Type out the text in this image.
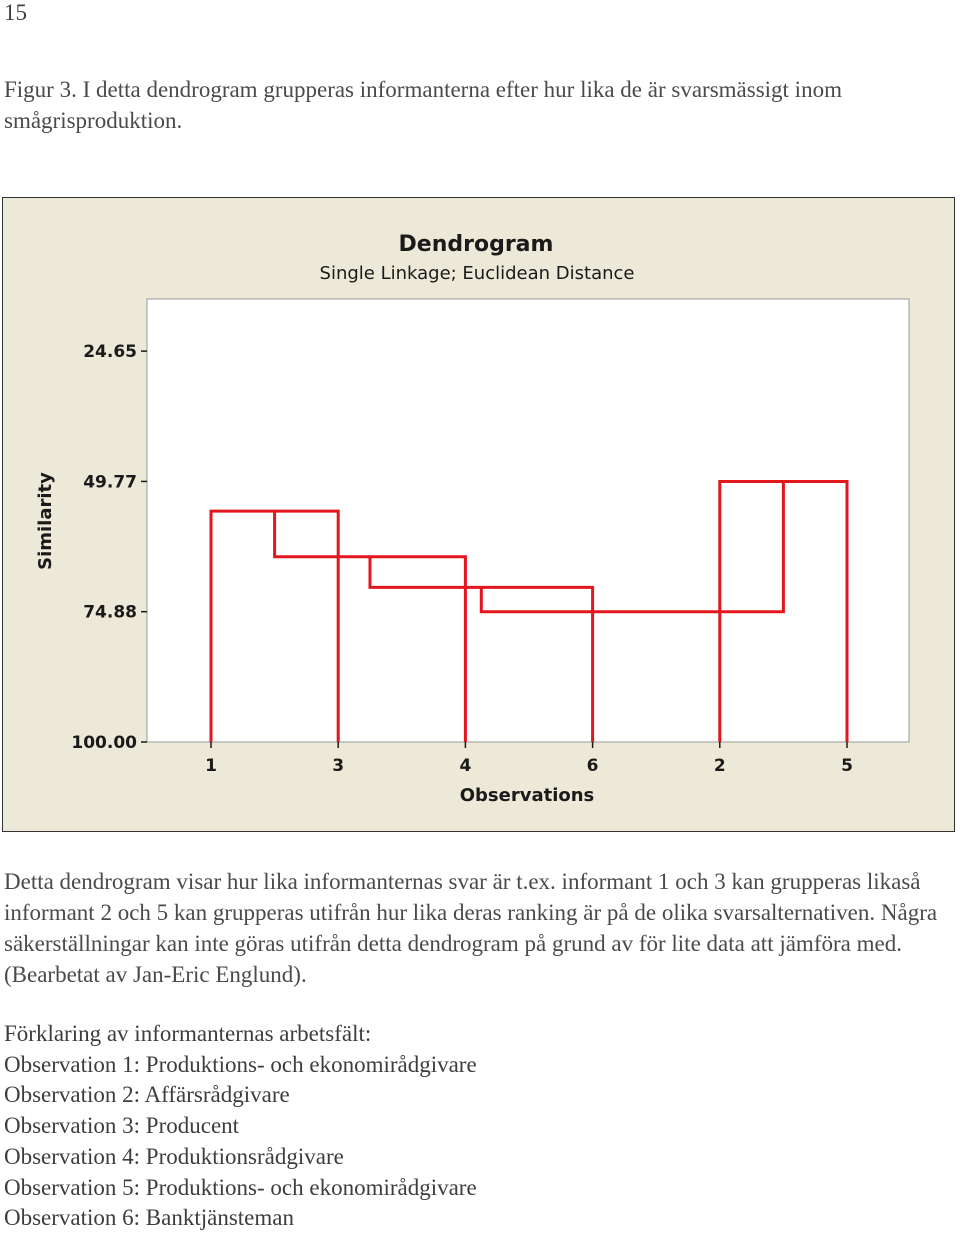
15
Figur 3. I detta dendrogram grupperas informanterna efter hur lika de är svarsmässigt inom smågrisproduktion.
Dendrogram
Single Linkage; Euclidean Distance
24.65
49.77
74.88
100.00
1	3	4	6	2	5
Similarity
Observations
Detta dendrogram visar hur lika informanternas svar är t.ex. informant 1 och 3 kan grupperas likaså informant 2 och 5 kan grupperas utifrån hur lika deras ranking är på de olika svarsalternativen. Några säkerställningar kan inte göras utifrån detta dendrogram på grund av för lite data att jämföra med. (Bearbetat av Jan-Eric Englund).
Förklaring av informanternas arbetsfält:
Observation 1: Produktions- och ekonomirådgivare
Observation 2: Affärsrådgivare
Observation 3: Producent
Observation 4: Produktionsrådgivare
Observation 5: Produktions- och ekonomirådgivare
Observation 6: Banktjänsteman
